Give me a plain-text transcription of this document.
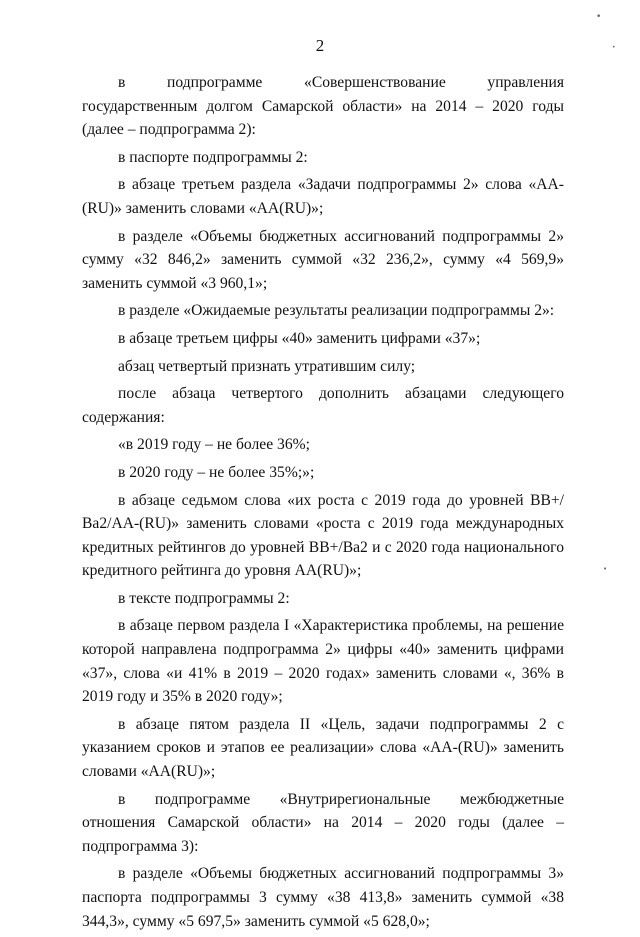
•
•
•
2

в подпрограмме «Совершенствование управления государственным долгом Самарской области» на 2014 – 2020 годы (далее – подпрограмма 2):

в паспорте подпрограммы 2:

в абзаце третьем раздела «Задачи подпрограммы 2» слова «АА-(RU)» заменить словами «АА(RU)»;

в разделе «Объемы бюджетных ассигнований подпрограммы 2» сумму «32 846,2» заменить суммой «32 236,2», сумму «4 569,9» заменить суммой «3 960,1»;

в разделе «Ожидаемые результаты реализации подпрограммы 2»:

в абзаце третьем цифры «40» заменить цифрами «37»;

абзац четвертый признать утратившим силу;

после абзаца четвертого дополнить абзацами следующего содержания:

«в 2019 году – не более 36%;

в 2020 году – не более 35%;»;

в абзаце седьмом слова «их роста с 2019 года до уровней ВВ+/Ва2/АА-(RU)» заменить словами «роста с 2019 года международных кредитных рейтингов до уровней ВВ+/Ва2 и с 2020 года национального кредитного рейтинга до уровня АА(RU)»;

в тексте подпрограммы 2:

в абзаце первом раздела I «Характеристика проблемы, на решение которой направлена подпрограмма 2» цифры «40» заменить цифрами «37», слова «и 41% в 2019 – 2020 годах» заменить словами «, 36% в 2019 году и 35% в 2020 году»;

в абзаце пятом раздела II «Цель, задачи подпрограммы 2 с указанием сроков и этапов ее реализации» слова «АА-(RU)» заменить словами «АА(RU)»;

в подпрограмме «Внутрирегиональные межбюджетные отношения Самарской области» на 2014 – 2020 годы (далее – подпрограмма 3):

в разделе «Объемы бюджетных ассигнований подпрограммы 3» паспорта подпрограммы 3 сумму «38 413,8» заменить суммой «38 344,3», сумму «5 697,5» заменить суммой «5 628,0»;
